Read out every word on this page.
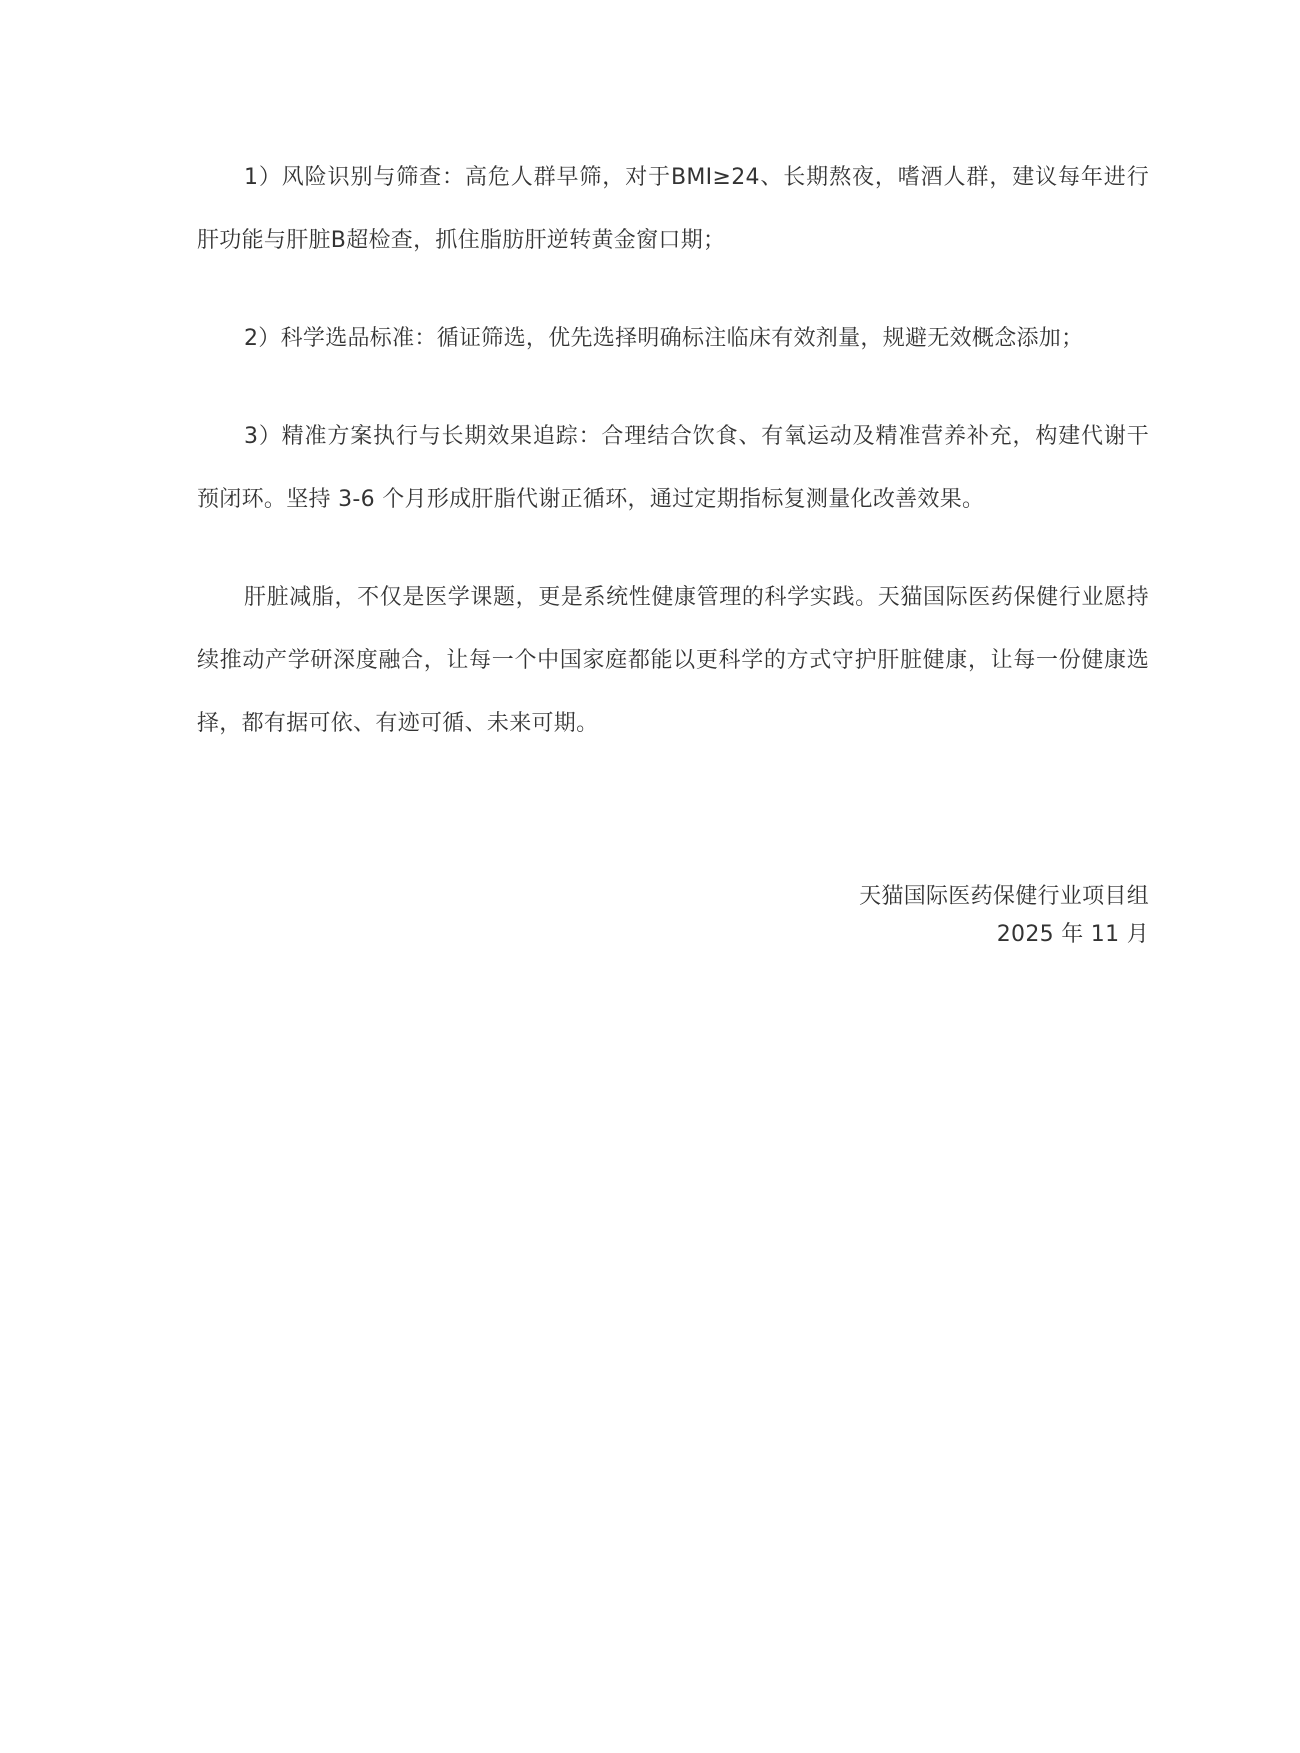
1）风险识别与筛查：高危人群早筛，对于BMI≥24、长期熬夜，嗜酒人群，建议每年进行肝功能与肝脏B超检查，抓住脂肪肝逆转黄金窗口期；

2）科学选品标准：循证筛选，优先选择明确标注临床有效剂量，规避无效概念添加；

3）精准方案执行与长期效果追踪：合理结合饮食、有氧运动及精准营养补充，构建代谢干预闭环。坚持 3-6 个月形成肝脂代谢正循环，通过定期指标复测量化改善效果。

肝脏减脂，不仅是医学课题，更是系统性健康管理的科学实践。天猫国际医药保健行业愿持续推动产学研深度融合，让每一个中国家庭都能以更科学的方式守护肝脏健康，让每一份健康选择，都有据可依、有迹可循、未来可期。

天猫国际医药保健行业项目组
2025 年 11 月
